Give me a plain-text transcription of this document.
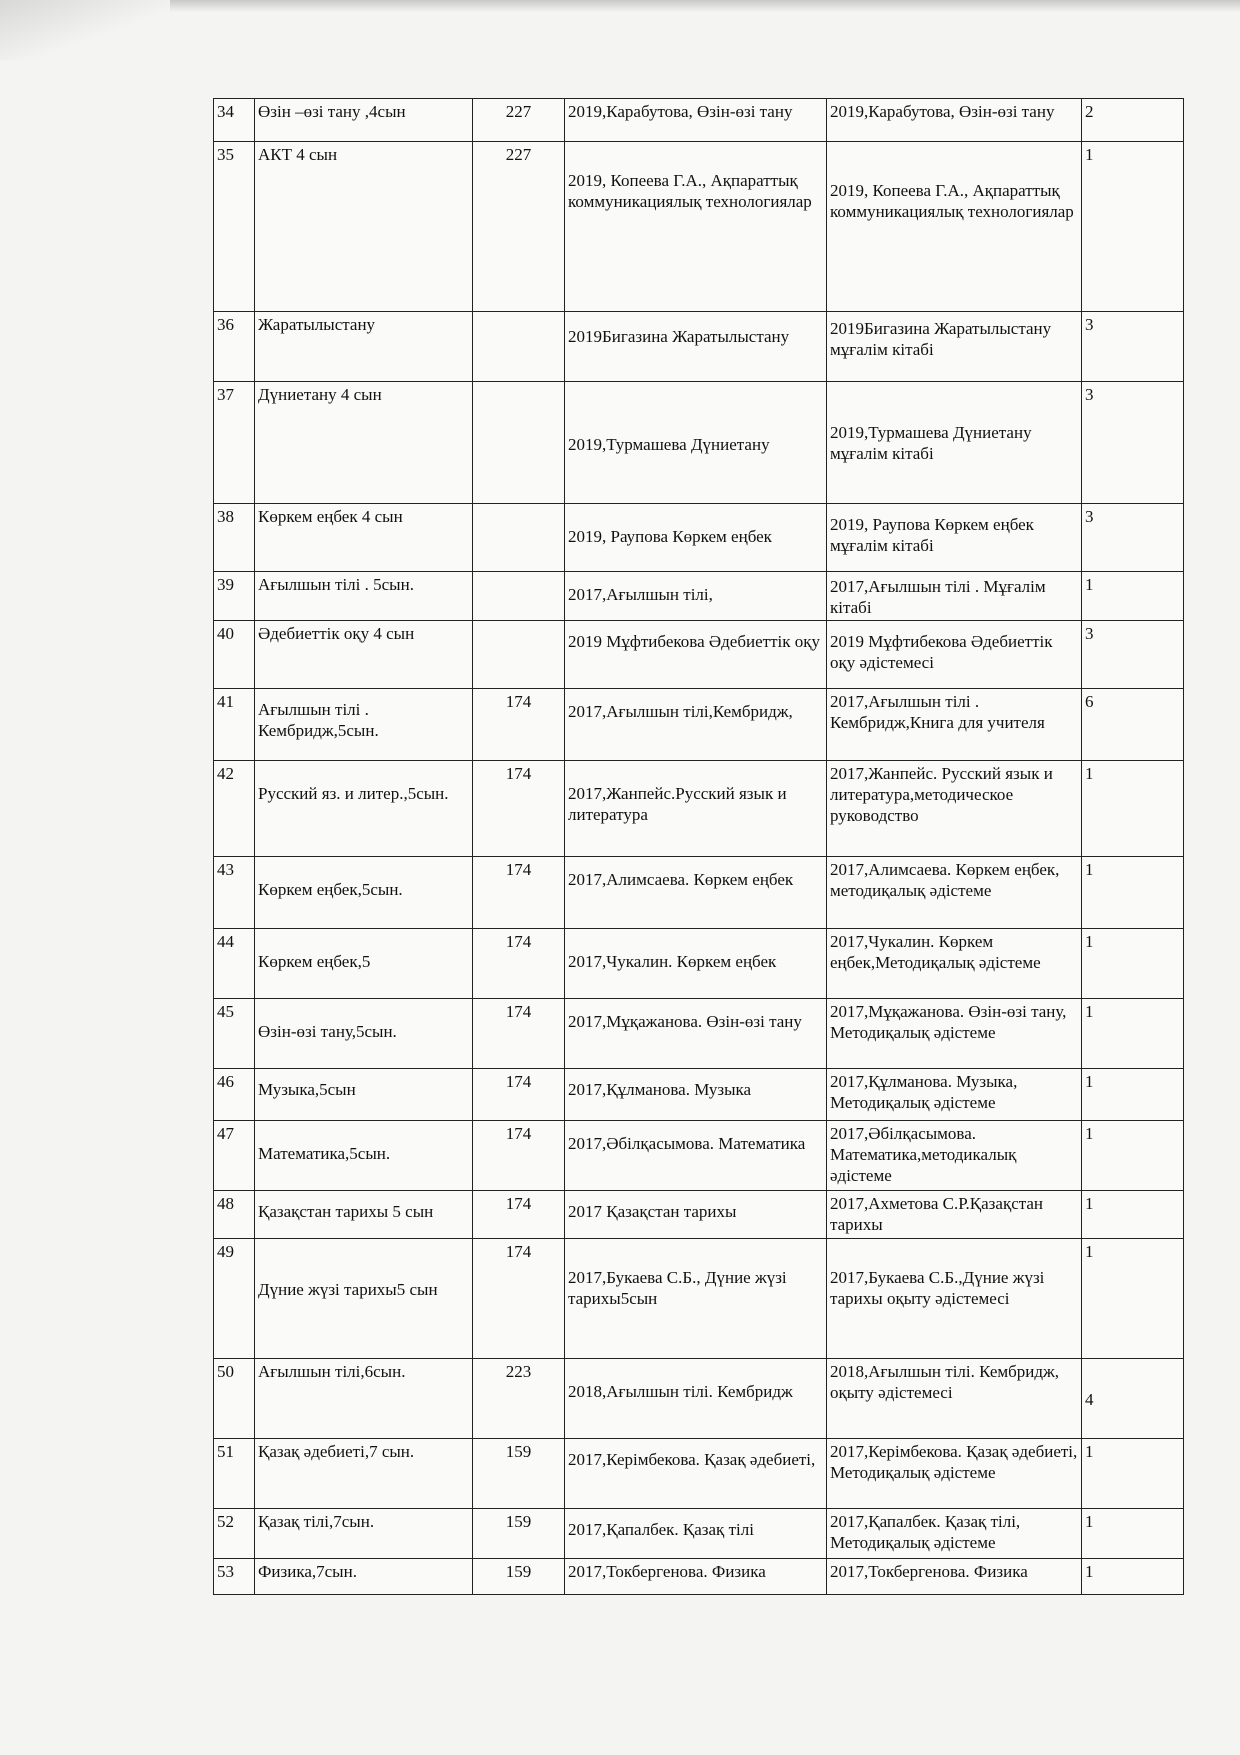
34	Өзін –өзі тану ,4сын	227	2019,Карабутова, Өзін-өзі тану	2019,Карабутова, Өзін-өзі тану	2
35	АКТ 4 сын	227	2019, Копеева Г.А., Ақпараттық коммуникациялық технологиялар	2019, Копеева Г.А., Ақпараттық коммуникациялық технологиялар	1
36	Жаратылыстану		2019Бигазина Жаратылыстану	2019Бигазина Жаратылыстану мұғалім кітабі	3
37	Дүниетану 4 сын		2019,Турмашева Дүниетану	2019,Турмашева Дүниетану мұғалім кітабі	3
38	Көркем еңбек 4 сын		2019, Раупова Көркем еңбек	2019, Раупова Көркем еңбек мұғалім кітабі	3
39	Ағылшын тілі . 5сын.		2017,Ағылшын тілі,	2017,Ағылшын тілі . Мұғалім кітабі	1
40	Әдебиеттік оқу 4 сын		2019 Мұфтибекова Әдебиеттік оқу	2019 Мұфтибекова Әдебиеттік оқу әдістемесі	3
41	Ағылшын тілі . Кембридж,5сын.	174	2017,Ағылшын тілі,Кембридж,	2017,Ағылшын тілі . Кембридж,Книга для учителя	6
42	Русский яз. и литер.,5сын.	174	2017,Жанпейс.Русский язык и литература	2017,Жанпейс. Русский язык и литература,методическое руководство	1
43	Көркем еңбек,5сын.	174	2017,Алимсаева. Көркем еңбек	2017,Алимсаева. Көркем еңбек, методиқалық әдістеме	1
44	Көркем еңбек,5	174	2017,Чукалин. Көркем еңбек	2017,Чукалин. Көркем еңбек,Методиқалық әдістеме	1
45	Өзін-өзі тану,5сын.	174	2017,Мұқажанова. Өзін-өзі тану	2017,Мұқажанова. Өзін-өзі тану, Методиқалық әдістеме	1
46	Музыка,5сын	174	2017,Құлманова. Музыка	2017,Құлманова. Музыка, Методиқалық әдістеме	1
47	Математика,5сын.	174	2017,Әбілқасымова. Математика	2017,Әбілқасымова. Математика,методикалық әдістеме	1
48	Қазақстан тарихы 5 сын	174	2017 Қазақстан тарихы	2017,Ахметова С.Р.Қазақстан тарихы	1
49	Дүние жүзі тарихы5 сын	174	2017,Букаева С.Б., Дүние жүзі тарихы5сын	2017,Букаева С.Б.,Дүние жүзі тарихы оқыту әдістемесі	1
50	Ағылшын тілі,6сын.	223	2018,Ағылшын тілі. Кембридж	2018,Ағылшын тілі. Кембридж, оқыту әдістемесі	4
51	Қазақ әдебиеті,7 сын.	159	2017,Керімбекова. Қазақ әдебиеті,	2017,Керімбекова. Қазақ әдебиеті, Методиқалық әдістеме	1
52	Қазақ тілі,7сын.	159	2017,Қапалбек. Қазақ тілі	2017,Қапалбек. Қазақ тілі, Методиқалық әдістеме	1
53	Физика,7сын.	159	2017,Токбергенова. Физика	2017,Токбергенова. Физика	1
